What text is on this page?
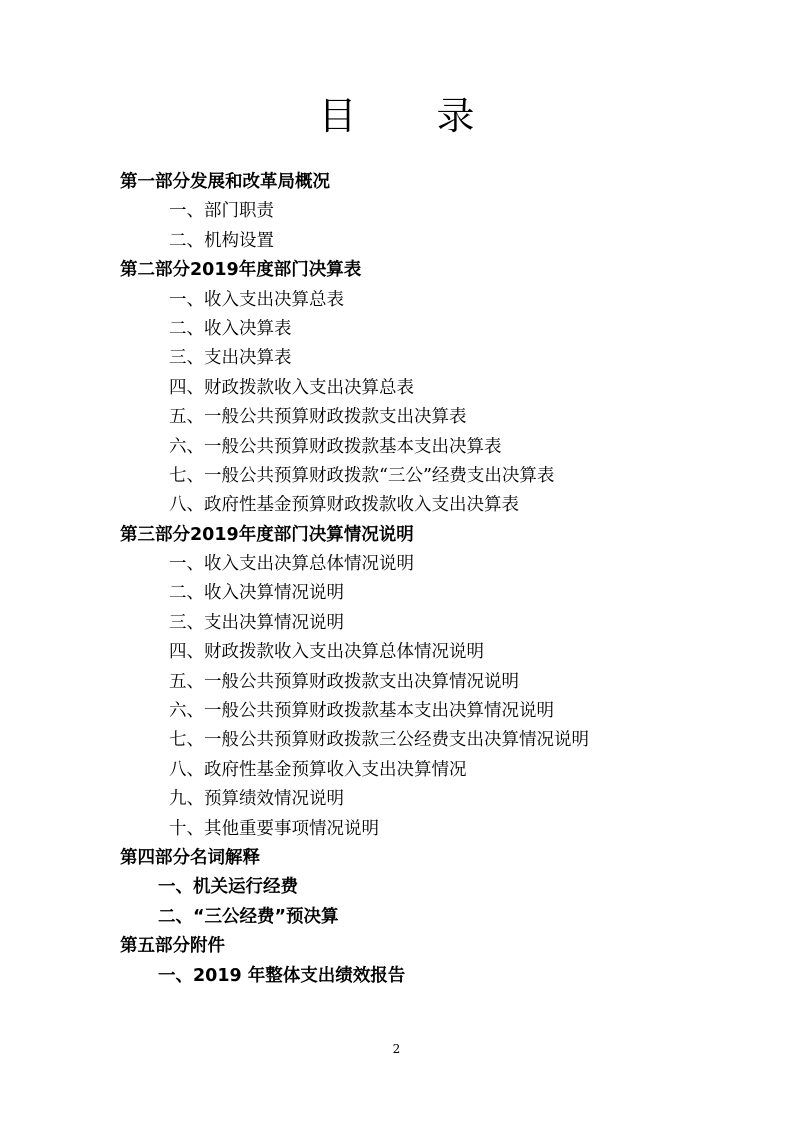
目 录
第一部分发展和改革局概况
一、部门职责
二、机构设置
第二部分2019年度部门决算表
一、收入支出决算总表
二、收入决算表
三、支出决算表
四、财政拨款收入支出决算总表
五、一般公共预算财政拨款支出决算表
六、一般公共预算财政拨款基本支出决算表
七、一般公共预算财政拨款“三公”经费支出决算表
八、政府性基金预算财政拨款收入支出决算表
第三部分2019年度部门决算情况说明
一、收入支出决算总体情况说明
二、收入决算情况说明
三、支出决算情况说明
四、财政拨款收入支出决算总体情况说明
五、一般公共预算财政拨款支出决算情况说明
六、一般公共预算财政拨款基本支出决算情况说明
七、一般公共预算财政拨款三公经费支出决算情况说明
八、政府性基金预算收入支出决算情况
九、预算绩效情况说明
十、其他重要事项情况说明
第四部分名词解释
一、机关运行经费
二、“三公经费”预决算
第五部分附件
一、2019 年整体支出绩效报告
2
